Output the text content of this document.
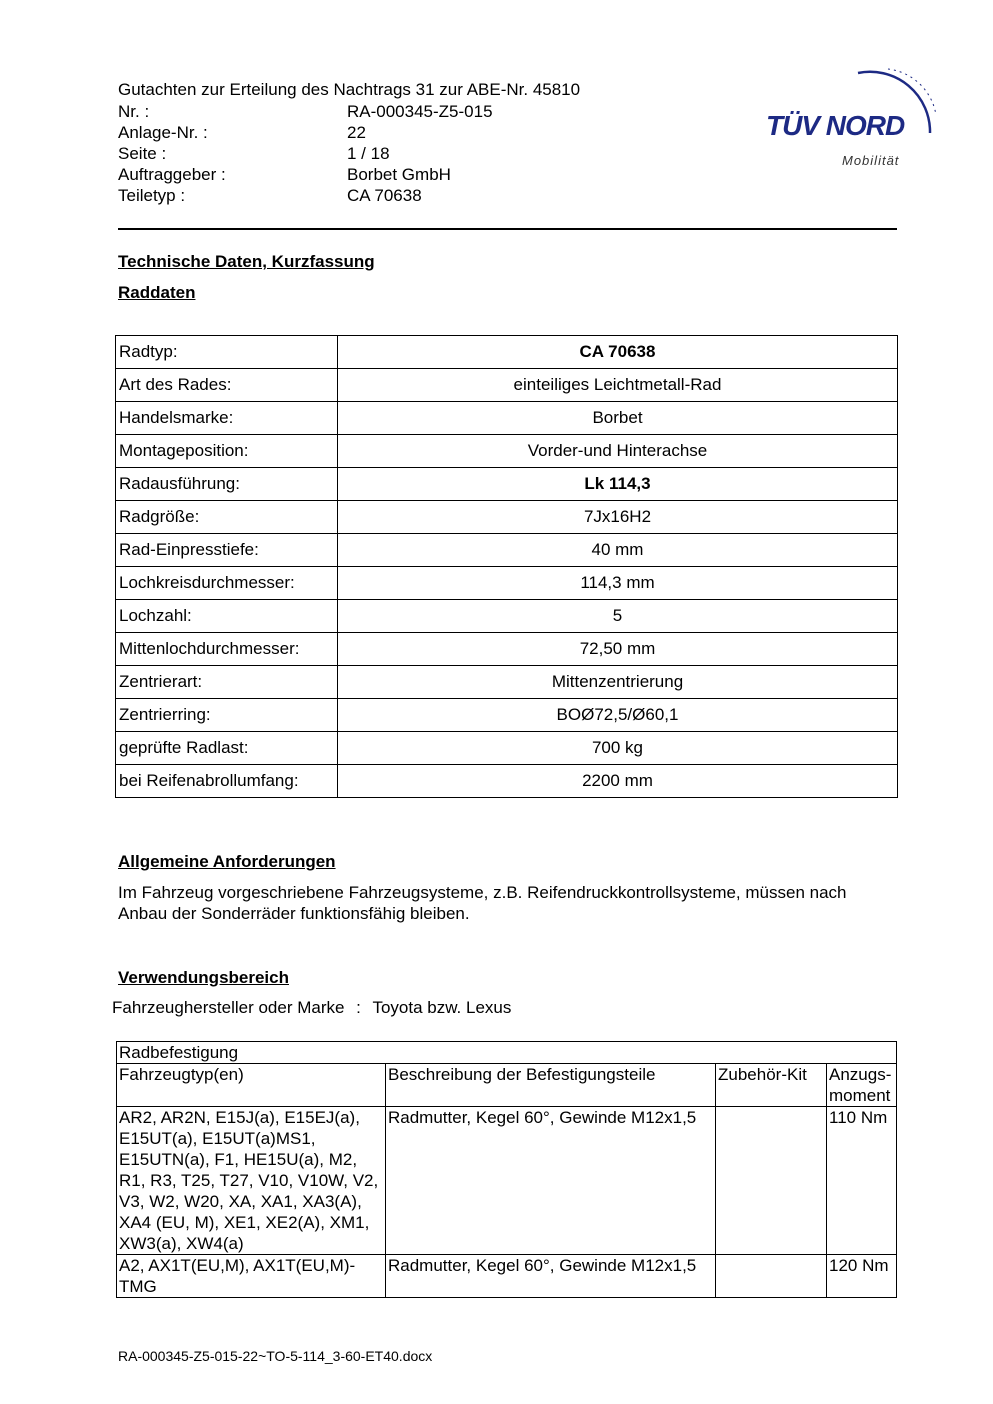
Gutachten zur Erteilung des Nachtrags 31 zur ABE-Nr. 45810
Nr. :	RA-000345-Z5-015
Anlage-Nr. :	22
Seite :	1 / 18
Auftraggeber :	Borbet GmbH
Teiletyp :	CA 70638
TÜV NORD
Mobilität
Technische Daten, Kurzfassung
Raddaten
Radtyp:	CA 70638
Art des Rades:	einteiliges Leichtmetall-Rad
Handelsmarke:	Borbet
Montageposition:	Vorder-und Hinterachse
Radausführung:	Lk 114,3
Radgröße:	7Jx16H2
Rad-Einpresstiefe:	40 mm
Lochkreisdurchmesser:	114,3 mm
Lochzahl:	5
Mittenlochdurchmesser:	72,50 mm
Zentrierart:	Mittenzentrierung
Zentrierring:	BOØ72,5/Ø60,1
geprüfte Radlast:	700 kg
bei Reifenabrollumfang:	2200 mm
Allgemeine Anforderungen
Im Fahrzeug vorgeschriebene Fahrzeugsysteme, z.B. Reifendruckkontrollsysteme, müssen nach Anbau der Sonderräder funktionsfähig bleiben.
Verwendungsbereich
Fahrzeughersteller oder Marke : Toyota bzw. Lexus
Radbefestigung			
Fahrzeugtyp(en)	Beschreibung der Befestigungsteile	Zubehör-Kit	Anzugs-moment
AR2, AR2N, E15J(a), E15EJ(a), E15UT(a), E15UT(a)MS1, E15UTN(a), F1, HE15U(a), M2, R1, R3, T25, T27, V10, V10W, V2, V3, W2, W20, XA, XA1, XA3(A), XA4 (EU, M), XE1, XE2(A), XM1, XW3(a), XW4(a)	Radmutter, Kegel 60°, Gewinde M12x1,5		110 Nm
A2, AX1T(EU,M), AX1T(EU,M)-TMG	Radmutter, Kegel 60°, Gewinde M12x1,5		120 Nm
RA-000345-Z5-015-22~TO-5-114_3-60-ET40.docx
